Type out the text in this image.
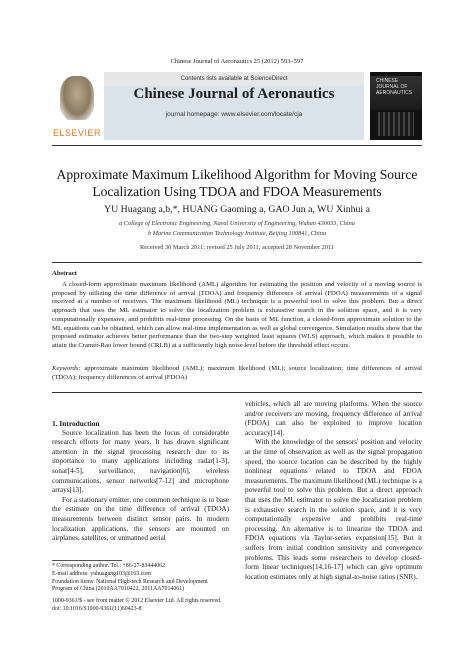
Chinese Journal of Aeronautics 25 (2012) 593–597
ELSEVIER
Contents lists available at ScienceDirect
Chinese Journal of Aeronautics
journal homepage: www.elsevier.com/locate/cja
CHINESE JOURNAL OF AERONAUTICS
Approximate Maximum Likelihood Algorithm for Moving Source Localization Using TDOA and FDOA Measurements
YU Huagang a,b,*, HUANG Gaoming a, GAO Jun a, WU Xinhui a
a College of Electronic Engineering, Naval University of Engineering, Wuhan 430033, China
b Marine Communication Technology Institute, Beijing 100841, China
Received 30 March 2011; revised 25 July 2011; accepted 28 November 2011
Abstract
A closed-form approximate maximum likelihood (AML) algorithm for estimating the position and velocity of a moving source is proposed by utilizing the time difference of arrival (TDOA) and frequency difference of arrival (FDOA) measurements of a signal received at a number of receivers. The maximum likelihood (ML) technique is a powerful tool to solve this problem. But a direct approach that uses the ML estimator to solve the localization problem is exhaustive search in the solution space, and it is very computationally expensive, and prohibits real-time processing. On the basis of ML function, a closed-form approximate solution to the ML equations can be obtained, which can allow real-time implementation as well as global convergence. Simulation results show that the proposed estimator achieves better performance than the two-step weighted least squares (WLS) approach, which makes it possible to attain the Cramér-Rao lower bound (CRLB) at a sufficiently high noise level before the threshold effect occurs.
Keywords: approximate maximum likelihood (AML); maximum likelihood (ML); source localization; time differences of arrival (TDOA); frequency differences of arrival (FDOA)

1. Introduction

Source localization has been the focus of considerable research efforts for many years. It has drawn significant attention in the signal processing research due to its importance to many applications including radar[1-3], sonar[4-5], surveillance, navigation[6], wireless communications, sensor networks[7-12] and microphone arrays[13].

For a stationary emitter, one common technique is to base the estimate on the time difference of arrival (TDOA) measurements between distinct sensor pairs. In modern localization applications, the sensors are mounted on airplanes, satellites, or unmanned aerial

vehicles, which all are moving platforms. When the source and/or receivers are moving, frequency difference of arrival (FDOA) can also be exploited to improve location accuracy[14].

With the knowledge of the sensors' position and velocity at the time of observation as well as the signal propagation speed, the source location can be described by the highly nonlinear equations related to TDOA and FDOA measurements. The maximum likelihood (ML) technique is a powerful tool to solve this problem. But a direct approach that uses the ML estimator to solve the localization problem is exhaustive search in the solution space, and it is very computationally expensive and prohibits real-time processing. An alternative is to linearize the TDOA and FDOA equations via Taylor-series expansion[15]. But it suffers from initial condition sensitivity and convergence problems. This leads some researchers to develop closed-form linear techniques[14,16-17] which can give optimum location estimates only at high signal-to-noise ratios (SNR).

* Corresponding author. Tel.: +86-27-83444062.
E-mail address: yuhuagang103@163.com
Foundation items: National High-tech Research and Development Program of China (2010AA7010422, 2011AA7014061)
1000-9361/$ - see front matter © 2012 Elsevier Ltd. All rights reserved.
doi: 10.1016/S1000-9361(11)60423-8
